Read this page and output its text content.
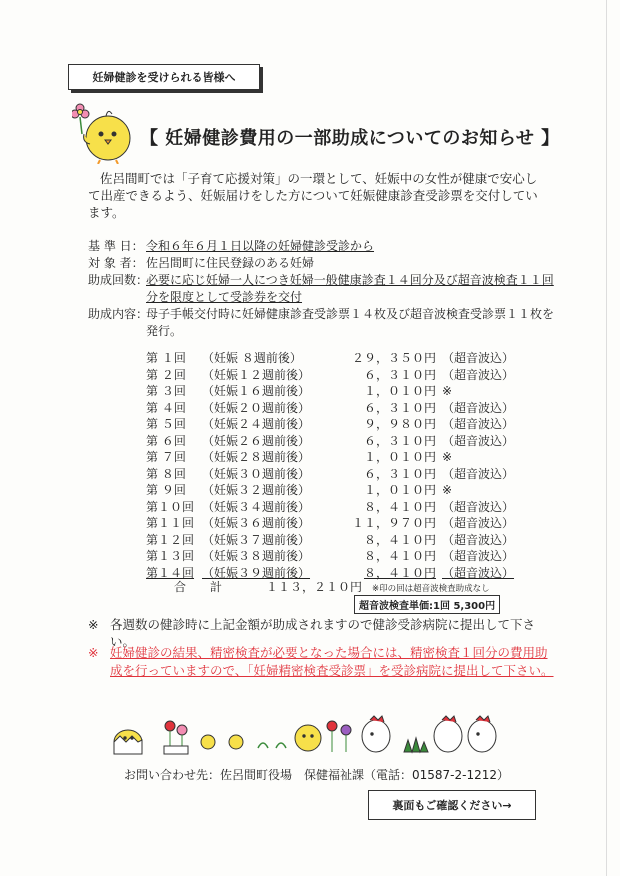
妊婦健診を受けられる皆様へ
【 妊婦健診費用の一部助成についてのお知らせ 】

佐呂間町では「子育て応援対策」の一環として、妊娠中の女性が健康で安心して出産できるよう、妊娠届けをした方について妊娠健康診査受診票を交付しています。

基 準 日： 令和６年６月１日以降の妊婦健診受診から
対 象 者： 佐呂間町に住民登録のある妊婦
助成回数：
必要に応じ妊婦一人につき妊婦一般健康診査１４回分及び超音波検査１１回分を限度として受診券を交付
助成内容：
母子手帳交付時に妊婦健康診査受診票１４枚及び超音波検査受診票１１枚を発行。
第 １回	（妊娠 ８週前後）	２９，３５０円 （超音波込）
第 ２回	（妊娠１２週前後）	６，３１０円 （超音波込）
第 ３回	（妊娠１６週前後）	１，０１０円 ※
第 ４回	（妊娠２０週前後）	６，３１０円 （超音波込）
第 ５回	（妊娠２４週前後）	９，９８０円 （超音波込）
第 ６回	（妊娠２６週前後）	６，３１０円 （超音波込）
第 ７回	（妊娠２８週前後）	１，０１０円 ※
第 ８回	（妊娠３０週前後）	６，３１０円 （超音波込）
第 ９回	（妊娠３２週前後）	１，０１０円 ※
第１０回 （妊娠３４週前後）	８，４１０円 （超音波込）
第１１回 （妊娠３６週前後）	１１，９７０円 （超音波込）
第１２回 （妊娠３７週前後）	８，４１０円 （超音波込）
第１３回 （妊娠３８週前後）	８，４１０円 （超音波込）
第１４回 （妊娠３９週前後）	８，４１０円 （超音波込）
合　　計	１１３，２１０円 ※印の回は超音波検査助成なし
超音波検査単価:1回 5,300円
※ 各週数の健診時に上記金額が助成されますので健診受診病院に提出して下さい。
※ 妊婦健診の結果、精密検査が必要となった場合には、精密検査１回分の費用助成を行っていますので、「妊婦精密検査受診票」を受診病院に提出して下さい。
お問い合わせ先：佐呂間町役場　保健福祉課（電話：01587-2-1212）
裏面もご確認ください→
